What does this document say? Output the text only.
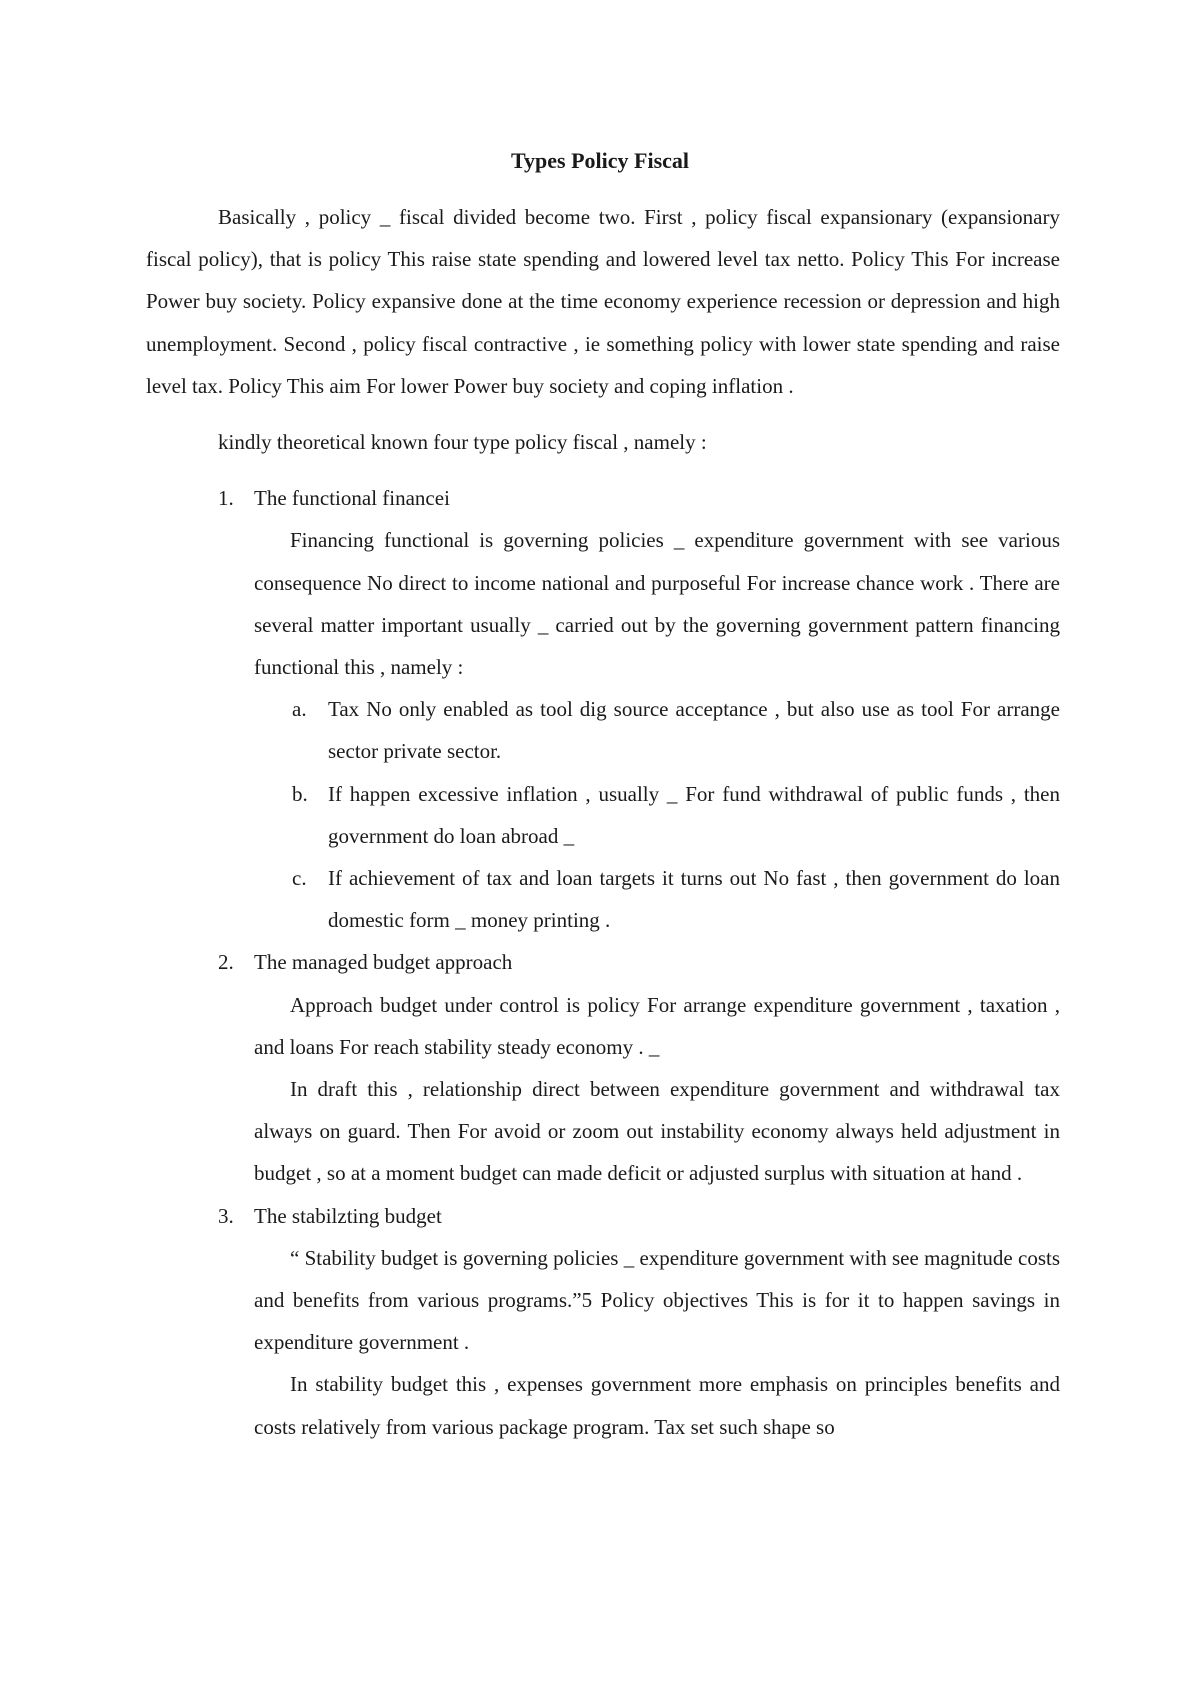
Types Policy Fiscal

Basically , policy _ fiscal divided become two. First , policy fiscal expansionary (expansionary fiscal policy), that is policy This raise state spending and lowered level tax netto. Policy This For increase Power buy society. Policy expansive done at the time economy experience recession or depression and high unemployment. Second , policy fiscal contractive , ie something policy with lower state spending and raise level tax. Policy This aim For lower Power buy society and coping inflation .

kindly theoretical known four type policy fiscal , namely :

1. The functional financei

Financing functional is governing policies _ expenditure government with see various consequence No direct to income national and purposeful For increase chance work . There are several matter important usually _ carried out by the governing government pattern financing functional this , namely :

a. Tax No only enabled as tool dig source acceptance , but also use as tool For arrange sector private sector.
b. If happen excessive inflation , usually _ For fund withdrawal of public funds , then government do loan abroad _
c. If achievement of tax and loan targets it turns out No fast , then government do loan domestic form _ money printing .
2. The managed budget approach

Approach budget under control is policy For arrange expenditure government , taxation , and loans For reach stability steady economy . _

In draft this , relationship direct between expenditure government and withdrawal tax always on guard. Then For avoid or zoom out instability economy always held adjustment in budget , so at a moment budget can made deficit or adjusted surplus with situation at hand .

3. The stabilzting budget

“ Stability budget is governing policies _ expenditure government with see magnitude costs and benefits from various programs.”5 Policy objectives This is for it to happen savings in expenditure government .

In stability budget this , expenses government more emphasis on principles benefits and costs relatively from various package program. Tax set such shape so
